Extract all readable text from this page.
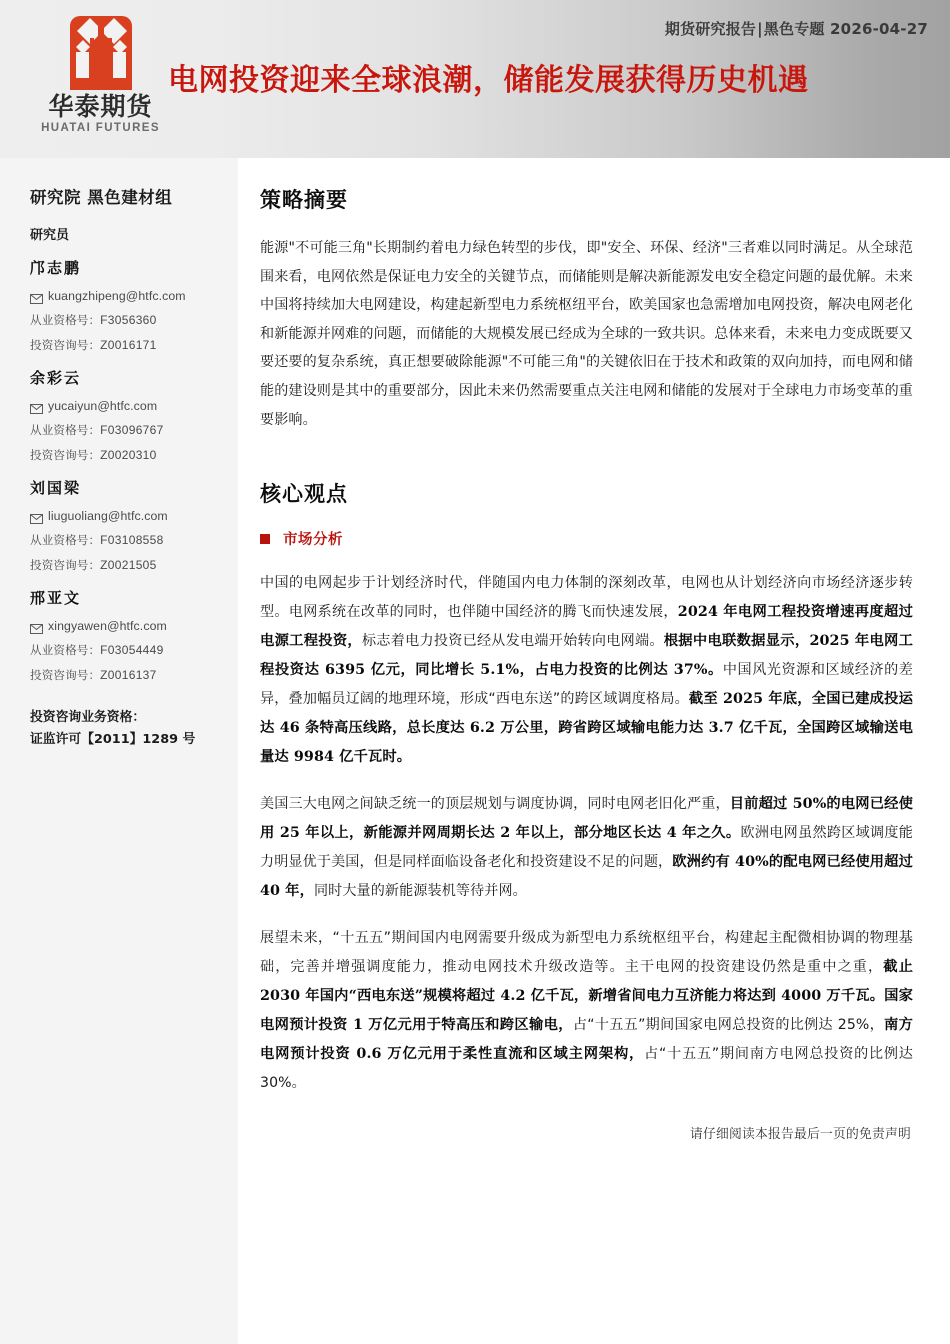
华泰期货
HUATAI FUTURES
期货研究报告|黑色专题 2026-04-27
电网投资迎来全球浪潮，储能发展获得历史机遇
研究院 黑色建材组
研究员
邝志鹏
kuangzhipeng@htfc.com
从业资格号：F3056360
投资咨询号：Z0016171
余彩云
yucaiyun@htfc.com
从业资格号：F03096767
投资咨询号：Z0020310
刘国梁
liuguoliang@htfc.com
从业资格号：F03108558
投资咨询号：Z0021505
邢亚文
xingyawen@htfc.com
从业资格号：F03054449
投资咨询号：Z0016137
投资咨询业务资格：
证监许可【2011】1289 号
策略摘要

能源"不可能三角"长期制约着电力绿色转型的步伐，即"安全、环保、经济"三者难以同时满足。从全球范围来看，电网依然是保证电力安全的关键节点，而储能则是解决新能源发电安全稳定问题的最优解。未来中国将持续加大电网建设，构建起新型电力系统枢纽平台，欧美国家也急需增加电网投资，解决电网老化和新能源并网难的问题，而储能的大规模发展已经成为全球的一致共识。总体来看，未来电力变成既要又要还要的复杂系统，真正想要破除能源"不可能三角"的关键依旧在于技术和政策的双向加持，而电网和储能的建设则是其中的重要部分，因此未来仍然需要重点关注电网和储能的发展对于全球电力市场变革的重要影响。

核心观点
市场分析

中国的电网起步于计划经济时代，伴随国内电力体制的深刻改革，电网也从计划经济向市场经济逐步转型。电网系统在改革的同时，也伴随中国经济的腾飞而快速发展，2024 年电网工程投资增速再度超过电源工程投资，标志着电力投资已经从发电端开始转向电网端。根据中电联数据显示，2025 年电网工程投资达 6395 亿元，同比增长 5.1%，占电力投资的比例达 37%。中国风光资源和区域经济的差异，叠加幅员辽阔的地理环境，形成“西电东送”的跨区域调度格局。截至 2025 年底，全国已建成投运达 46 条特高压线路，总长度达 6.2 万公里，跨省跨区域输电能力达 3.7 亿千瓦，全国跨区域输送电量达 9984 亿千瓦时。

美国三大电网之间缺乏统一的顶层规划与调度协调，同时电网老旧化严重，目前超过 50%的电网已经使用 25 年以上，新能源并网周期长达 2 年以上，部分地区长达 4 年之久。欧洲电网虽然跨区域调度能力明显优于美国，但是同样面临设备老化和投资建设不足的问题，欧洲约有 40%的配电网已经使用超过 40 年，同时大量的新能源装机等待并网。

展望未来，“十五五”期间国内电网需要升级成为新型电力系统枢纽平台，构建起主配微相协调的物理基础，完善并增强调度能力，推动电网技术升级改造等。主干电网的投资建设仍然是重中之重，截止 2030 年国内“西电东送”规模将超过 4.2 亿千瓦，新增省间电力互济能力将达到 4000 万千瓦。国家电网预计投资 1 万亿元用于特高压和跨区输电，占“十五五”期间国家电网总投资的比例达 25%，南方电网预计投资 0.6 万亿元用于柔性直流和区域主网架构，占“十五五”期间南方电网总投资的比例达 30%。

请仔细阅读本报告最后一页的免责声明
